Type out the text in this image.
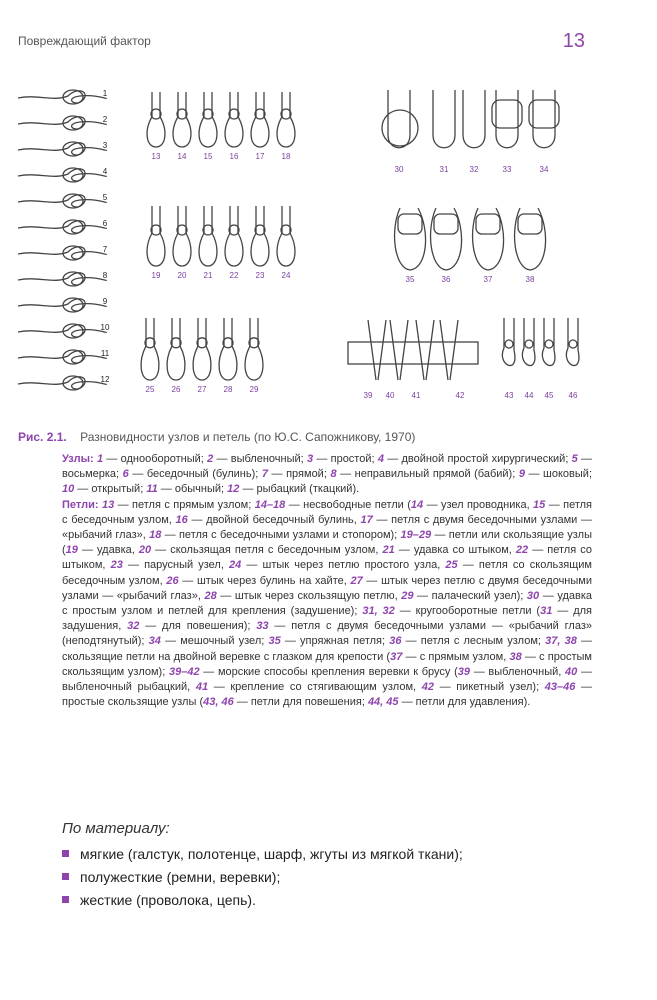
Повреждающий фактор	13
1
2
3
4
5
6
7
8
9
10
11
12
13 14 15 16 17 18
19 20 21 22 23 24
25 26 27 28 29
30	31	32	33	34
35	36	37	38
39 40 41	42	43 44 45 46
Рис. 2.1. Разновидности узлов и петель (по Ю.С. Сапожникову, 1970)

Узлы: 1 — одноoборотный; 2 — выбленочный; 3 — простой; 4 — двойной простой хирургический; 5 — восьмерка; 6 — беседочный (булинь); 7 — прямой; 8 — неправильный прямой (бабий); 9 — шоковый; 10 — открытый; 11 — обычный; 12 — рыбацкий (ткацкий).

Петли: 13 — петля с прямым узлом; 14–18 — несвободные петли (14 — узел проводника, 15 — петля с беседочным узлом, 16 — двойной беседочный булинь, 17 — петля с двумя беседочными узлами — «рыбачий глаз», 18 — петля с беседочными узлами и стопором); 19–29 — петли или скользящие узлы (19 — удавка, 20 — скользящая петля с беседочным узлом, 21 — удавка со штыком, 22 — петля со штыком, 23 — парусный узел, 24 — штык через петлю простого узла, 25 — петля со скользящим беседочным узлом, 26 — штык через булинь на хайте, 27 — штык через петлю с двумя беседочными узлами — «рыбачий глаз», 28 — штык через скользящую петлю, 29 — палаческий узел); 30 — удавка с простым узлом и петлей для крепления (задушение); 31, 32 — кругооборотные петли (31 — для задушения, 32 — для повешения); 33 — петля с двумя беседочными узлами — «рыбачий глаз» (неподтянутый); 34 — мешочный узел; 35 — упряжная петля; 36 — петля с лесным узлом; 37, 38 — скользящие петли на двойной веревке с глазком для крепости (37 — с прямым узлом, 38 — с простым скользящим узлом); 39–42 — морские способы крепления веревки к брусу (39 — выбленочный, 40 — выбленочный рыбацкий, 41 — крепление со стягивающим узлом, 42 — пикетный узел); 43–46 — простые скользящие узлы (43, 46 — петли для повешения; 44, 45 — петли для удавления).

По материалу:
мягкие (галстук, полотенце, шарф, жгуты из мягкой ткани);
полужесткие (ремни, веревки);
жесткие (проволока, цепь).
